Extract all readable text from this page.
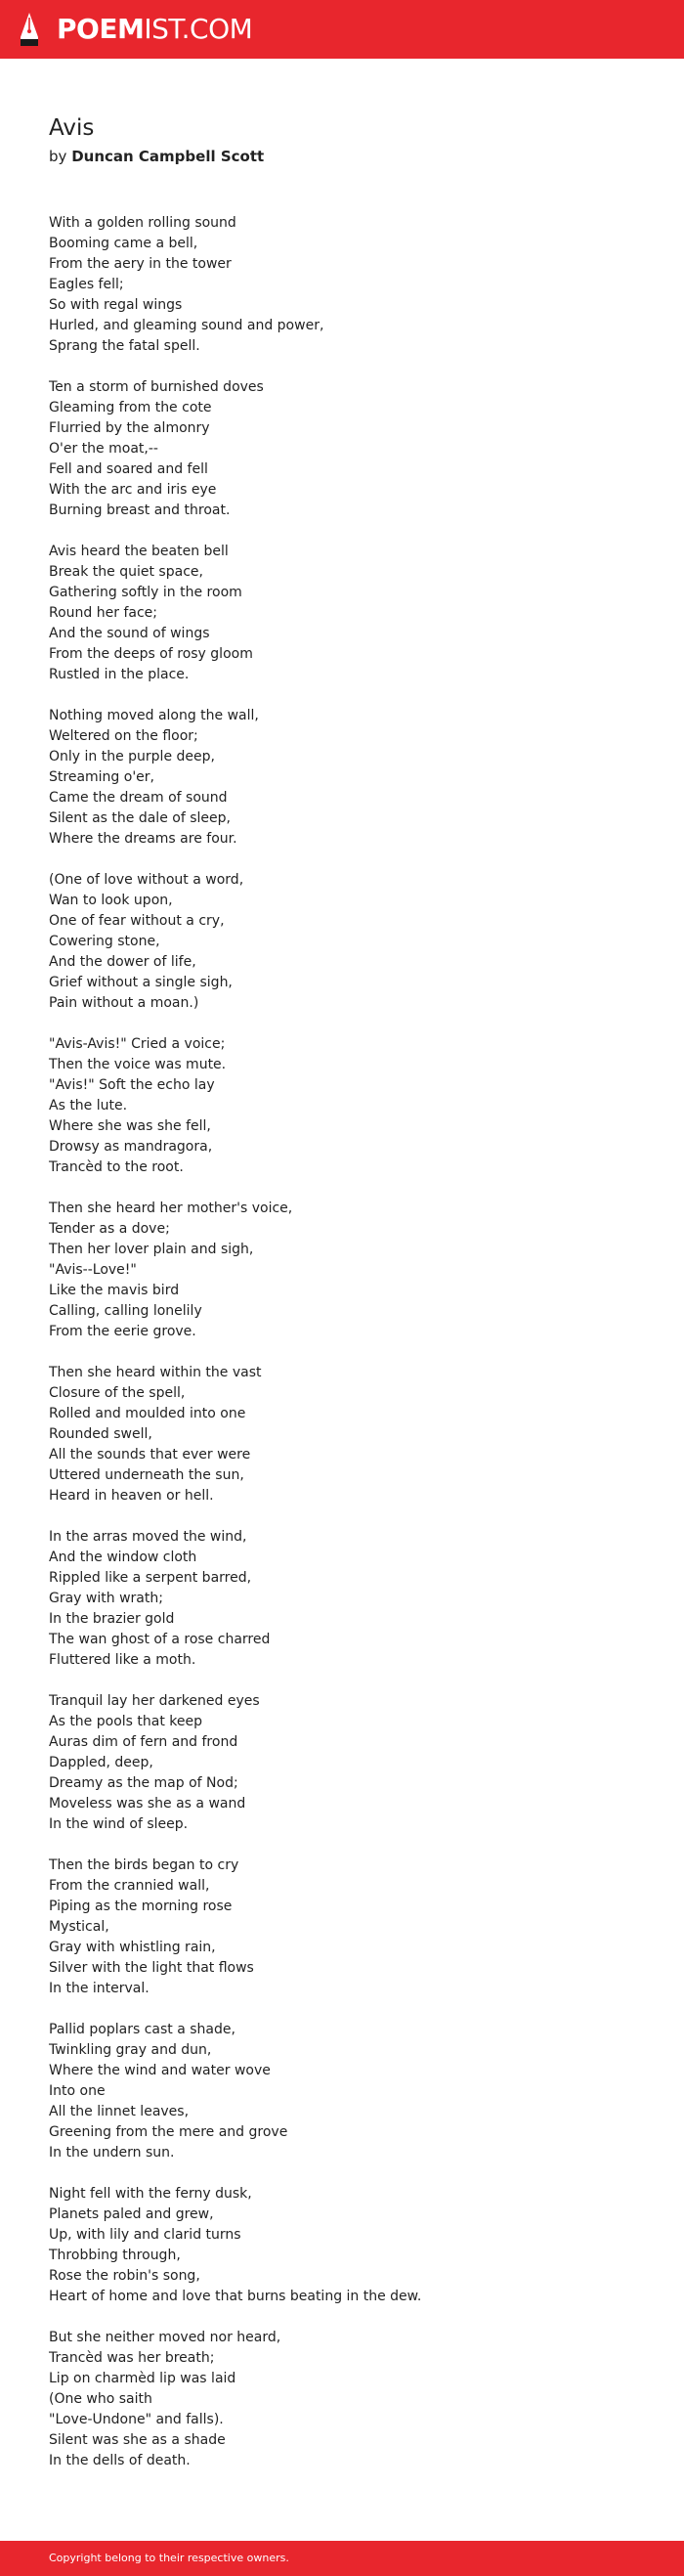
POEMIST.COM
Avis
by Duncan Campbell Scott
With a golden rolling sound
Booming came a bell,
From the aery in the tower
Eagles fell;
So with regal wings
Hurled, and gleaming sound and power,
Sprang the fatal spell.
Ten a storm of burnished doves
Gleaming from the cote
Flurried by the almonry
O'er the moat,--
Fell and soared and fell
With the arc and iris eye
Burning breast and throat.
Avis heard the beaten bell
Break the quiet space,
Gathering softly in the room
Round her face;
And the sound of wings
From the deeps of rosy gloom
Rustled in the place.
Nothing moved along the wall,
Weltered on the floor;
Only in the purple deep,
Streaming o'er,
Came the dream of sound
Silent as the dale of sleep,
Where the dreams are four.
(One of love without a word,
Wan to look upon,
One of fear without a cry,
Cowering stone,
And the dower of life,
Grief without a single sigh,
Pain without a moan.)
"Avis-Avis!" Cried a voice;
Then the voice was mute.
"Avis!" Soft the echo lay
As the lute.
Where she was she fell,
Drowsy as mandragora,
Trancèd to the root.
Then she heard her mother's voice,
Tender as a dove;
Then her lover plain and sigh,
"Avis--Love!"
Like the mavis bird
Calling, calling lonelily
From the eerie grove.
Then she heard within the vast
Closure of the spell,
Rolled and moulded into one
Rounded swell,
All the sounds that ever were
Uttered underneath the sun,
Heard in heaven or hell.
In the arras moved the wind,
And the window cloth
Rippled like a serpent barred,
Gray with wrath;
In the brazier gold
The wan ghost of a rose charred
Fluttered like a moth.
Tranquil lay her darkened eyes
As the pools that keep
Auras dim of fern and frond
Dappled, deep,
Dreamy as the map of Nod;
Moveless was she as a wand
In the wind of sleep.
Then the birds began to cry
From the crannied wall,
Piping as the morning rose
Mystical,
Gray with whistling rain,
Silver with the light that flows
In the interval.
Pallid poplars cast a shade,
Twinkling gray and dun,
Where the wind and water wove
Into one
All the linnet leaves,
Greening from the mere and grove
In the undern sun.
Night fell with the ferny dusk,
Planets paled and grew,
Up, with lily and clarid turns
Throbbing through,
Rose the robin's song,
Heart of home and love that burns beating in the dew.
But she neither moved nor heard,
Trancèd was her breath;
Lip on charmèd lip was laid
(One who saith
"Love-Undone" and falls).
Silent was she as a shade
In the dells of death.
Copyright belong to their respective owners.
